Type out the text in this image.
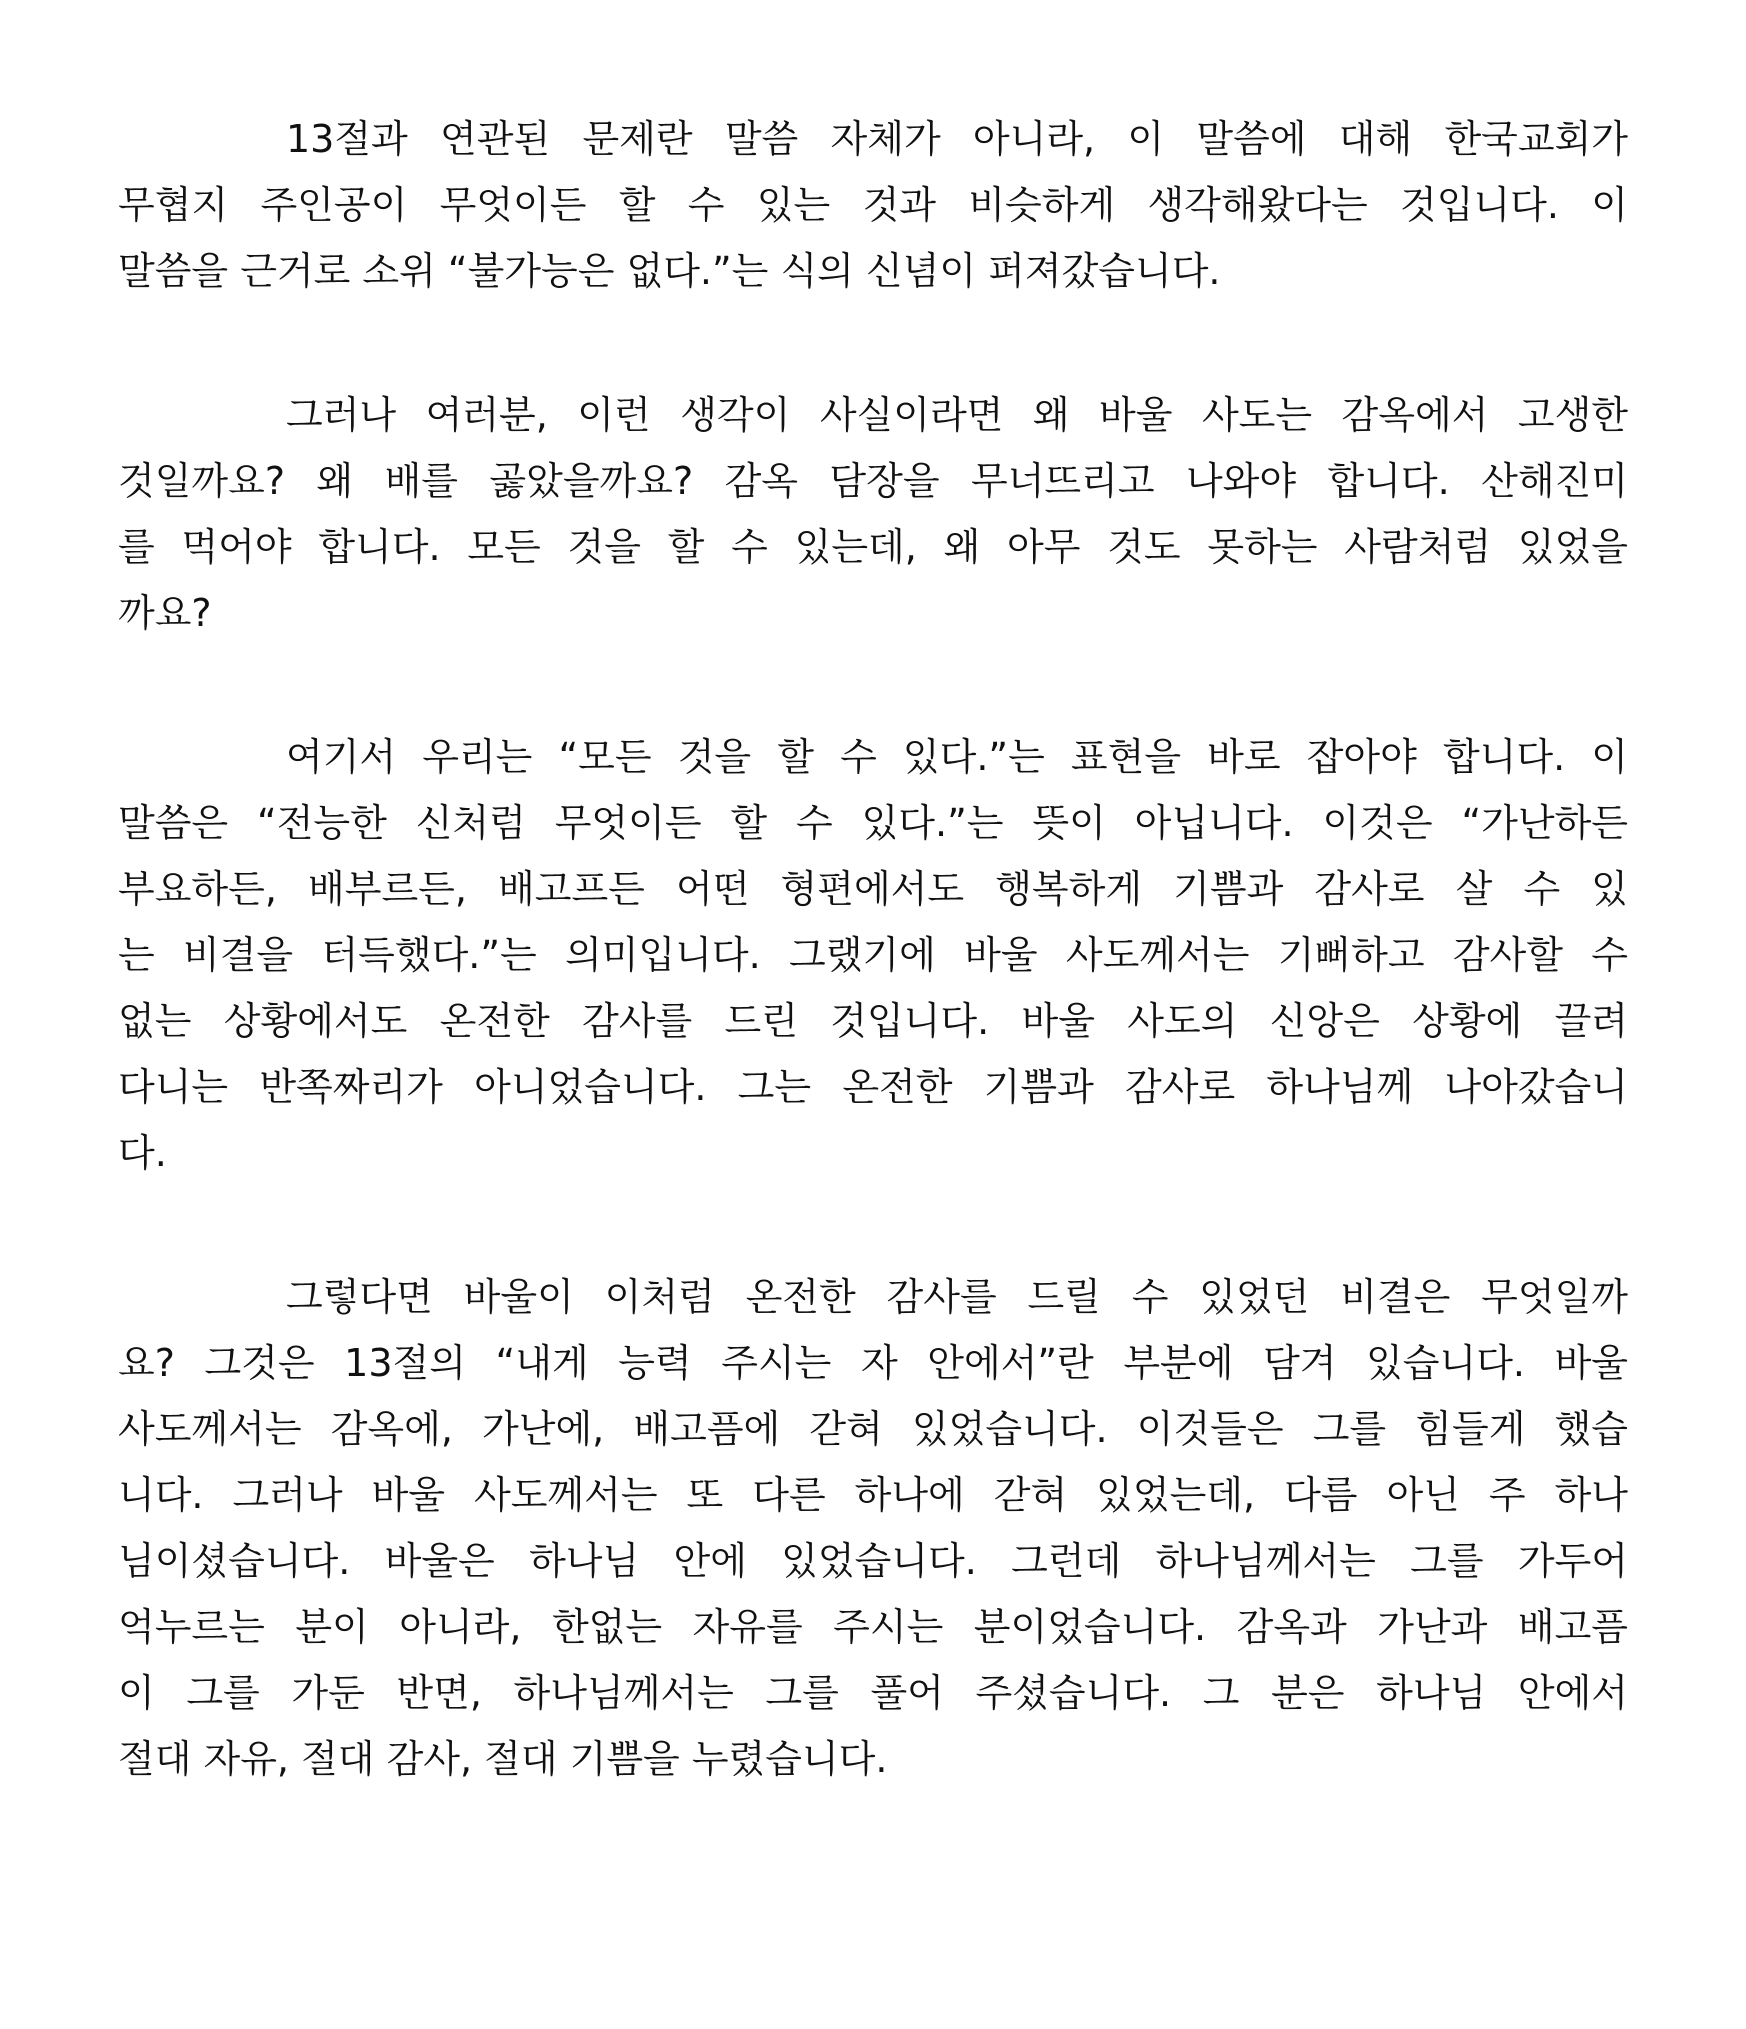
13절과 연관된 문제란 말씀 자체가 아니라, 이 말씀에 대해 한국교회가
무협지 주인공이 무엇이든 할 수 있는 것과 비슷하게 생각해왔다는 것입니다. 이
말씀을 근거로 소위 “불가능은 없다.”는 식의 신념이 퍼져갔습니다.
그러나 여러분, 이런 생각이 사실이라면 왜 바울 사도는 감옥에서 고생한
것일까요? 왜 배를 곯았을까요? 감옥 담장을 무너뜨리고 나와야 합니다. 산해진미
를 먹어야 합니다. 모든 것을 할 수 있는데, 왜 아무 것도 못하는 사람처럼 있었을
까요?
여기서 우리는 “모든 것을 할 수 있다.”는 표현을 바로 잡아야 합니다. 이
말씀은 “전능한 신처럼 무엇이든 할 수 있다.”는 뜻이 아닙니다. 이것은 “가난하든
부요하든, 배부르든, 배고프든 어떤 형편에서도 행복하게 기쁨과 감사로 살 수 있
는 비결을 터득했다.”는 의미입니다. 그랬기에 바울 사도께서는 기뻐하고 감사할 수
없는 상황에서도 온전한 감사를 드린 것입니다. 바울 사도의 신앙은 상황에 끌려
다니는 반쪽짜리가 아니었습니다. 그는 온전한 기쁨과 감사로 하나님께 나아갔습니
다.
그렇다면 바울이 이처럼 온전한 감사를 드릴 수 있었던 비결은 무엇일까
요? 그것은 13절의 “내게 능력 주시는 자 안에서”란 부분에 담겨 있습니다. 바울
사도께서는 감옥에, 가난에, 배고픔에 갇혀 있었습니다. 이것들은 그를 힘들게 했습
니다. 그러나 바울 사도께서는 또 다른 하나에 갇혀 있었는데, 다름 아닌 주 하나
님이셨습니다. 바울은 하나님 안에 있었습니다. 그런데 하나님께서는 그를 가두어
억누르는 분이 아니라, 한없는 자유를 주시는 분이었습니다. 감옥과 가난과 배고픔
이 그를 가둔 반면, 하나님께서는 그를 풀어 주셨습니다. 그 분은 하나님 안에서
절대 자유, 절대 감사, 절대 기쁨을 누렸습니다.
